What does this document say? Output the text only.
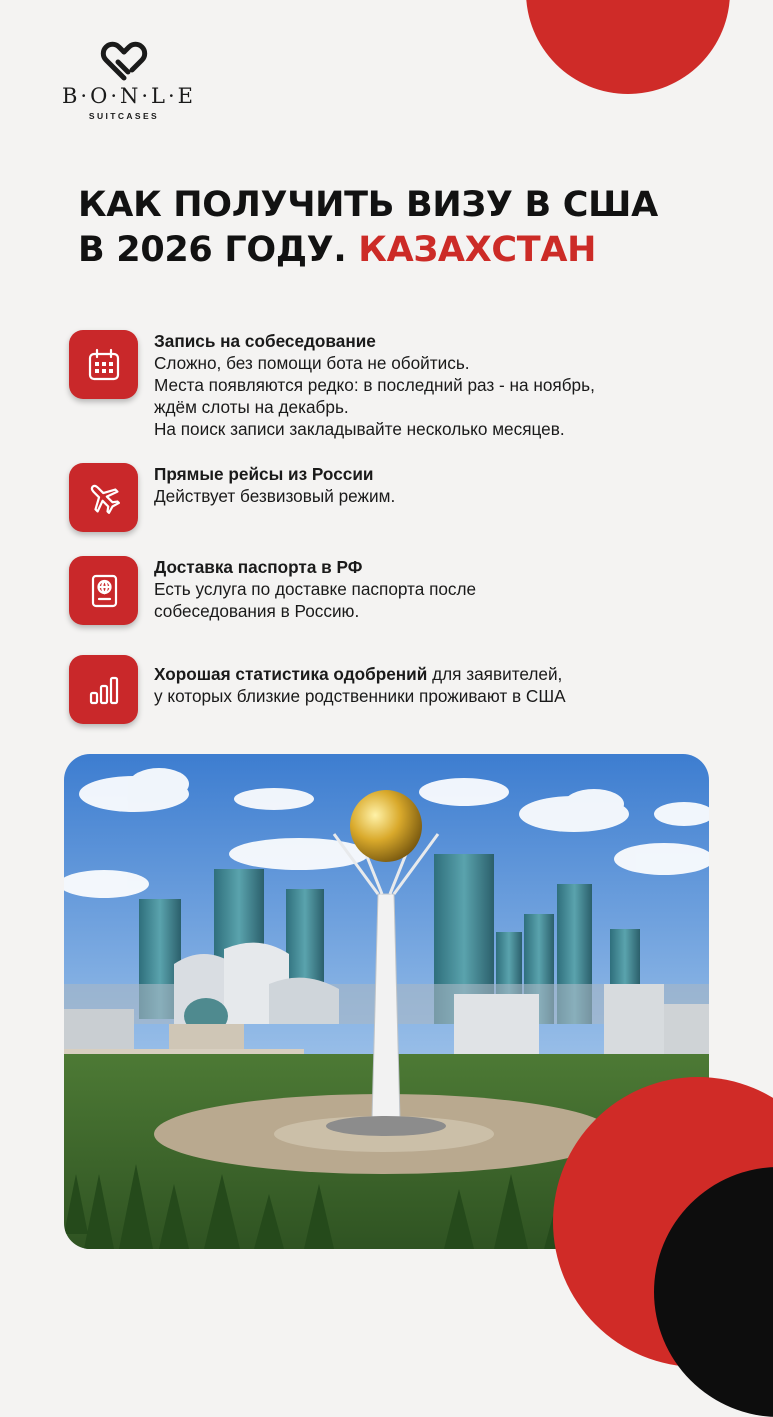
B·O·N·L·E
SUITCASES
КАК ПОЛУЧИТЬ ВИЗУ В США
В 2026 ГОДУ. КАЗАХСТАН
Запись на собеседование
Сложно, без помощи бота не обойтись.
Места появляются редко: в последний раз - на ноябрь,
ждём слоты на декабрь.
На поиск записи закладывайте несколько месяцев.
Прямые рейсы из России
Действует безвизовый режим.
Доставка паспорта в РФ
Есть услуга по доставке паспорта после
собеседования в Россию.
Хорошая статистика одобрений для заявителей,
у которых близкие родственники проживают в США
